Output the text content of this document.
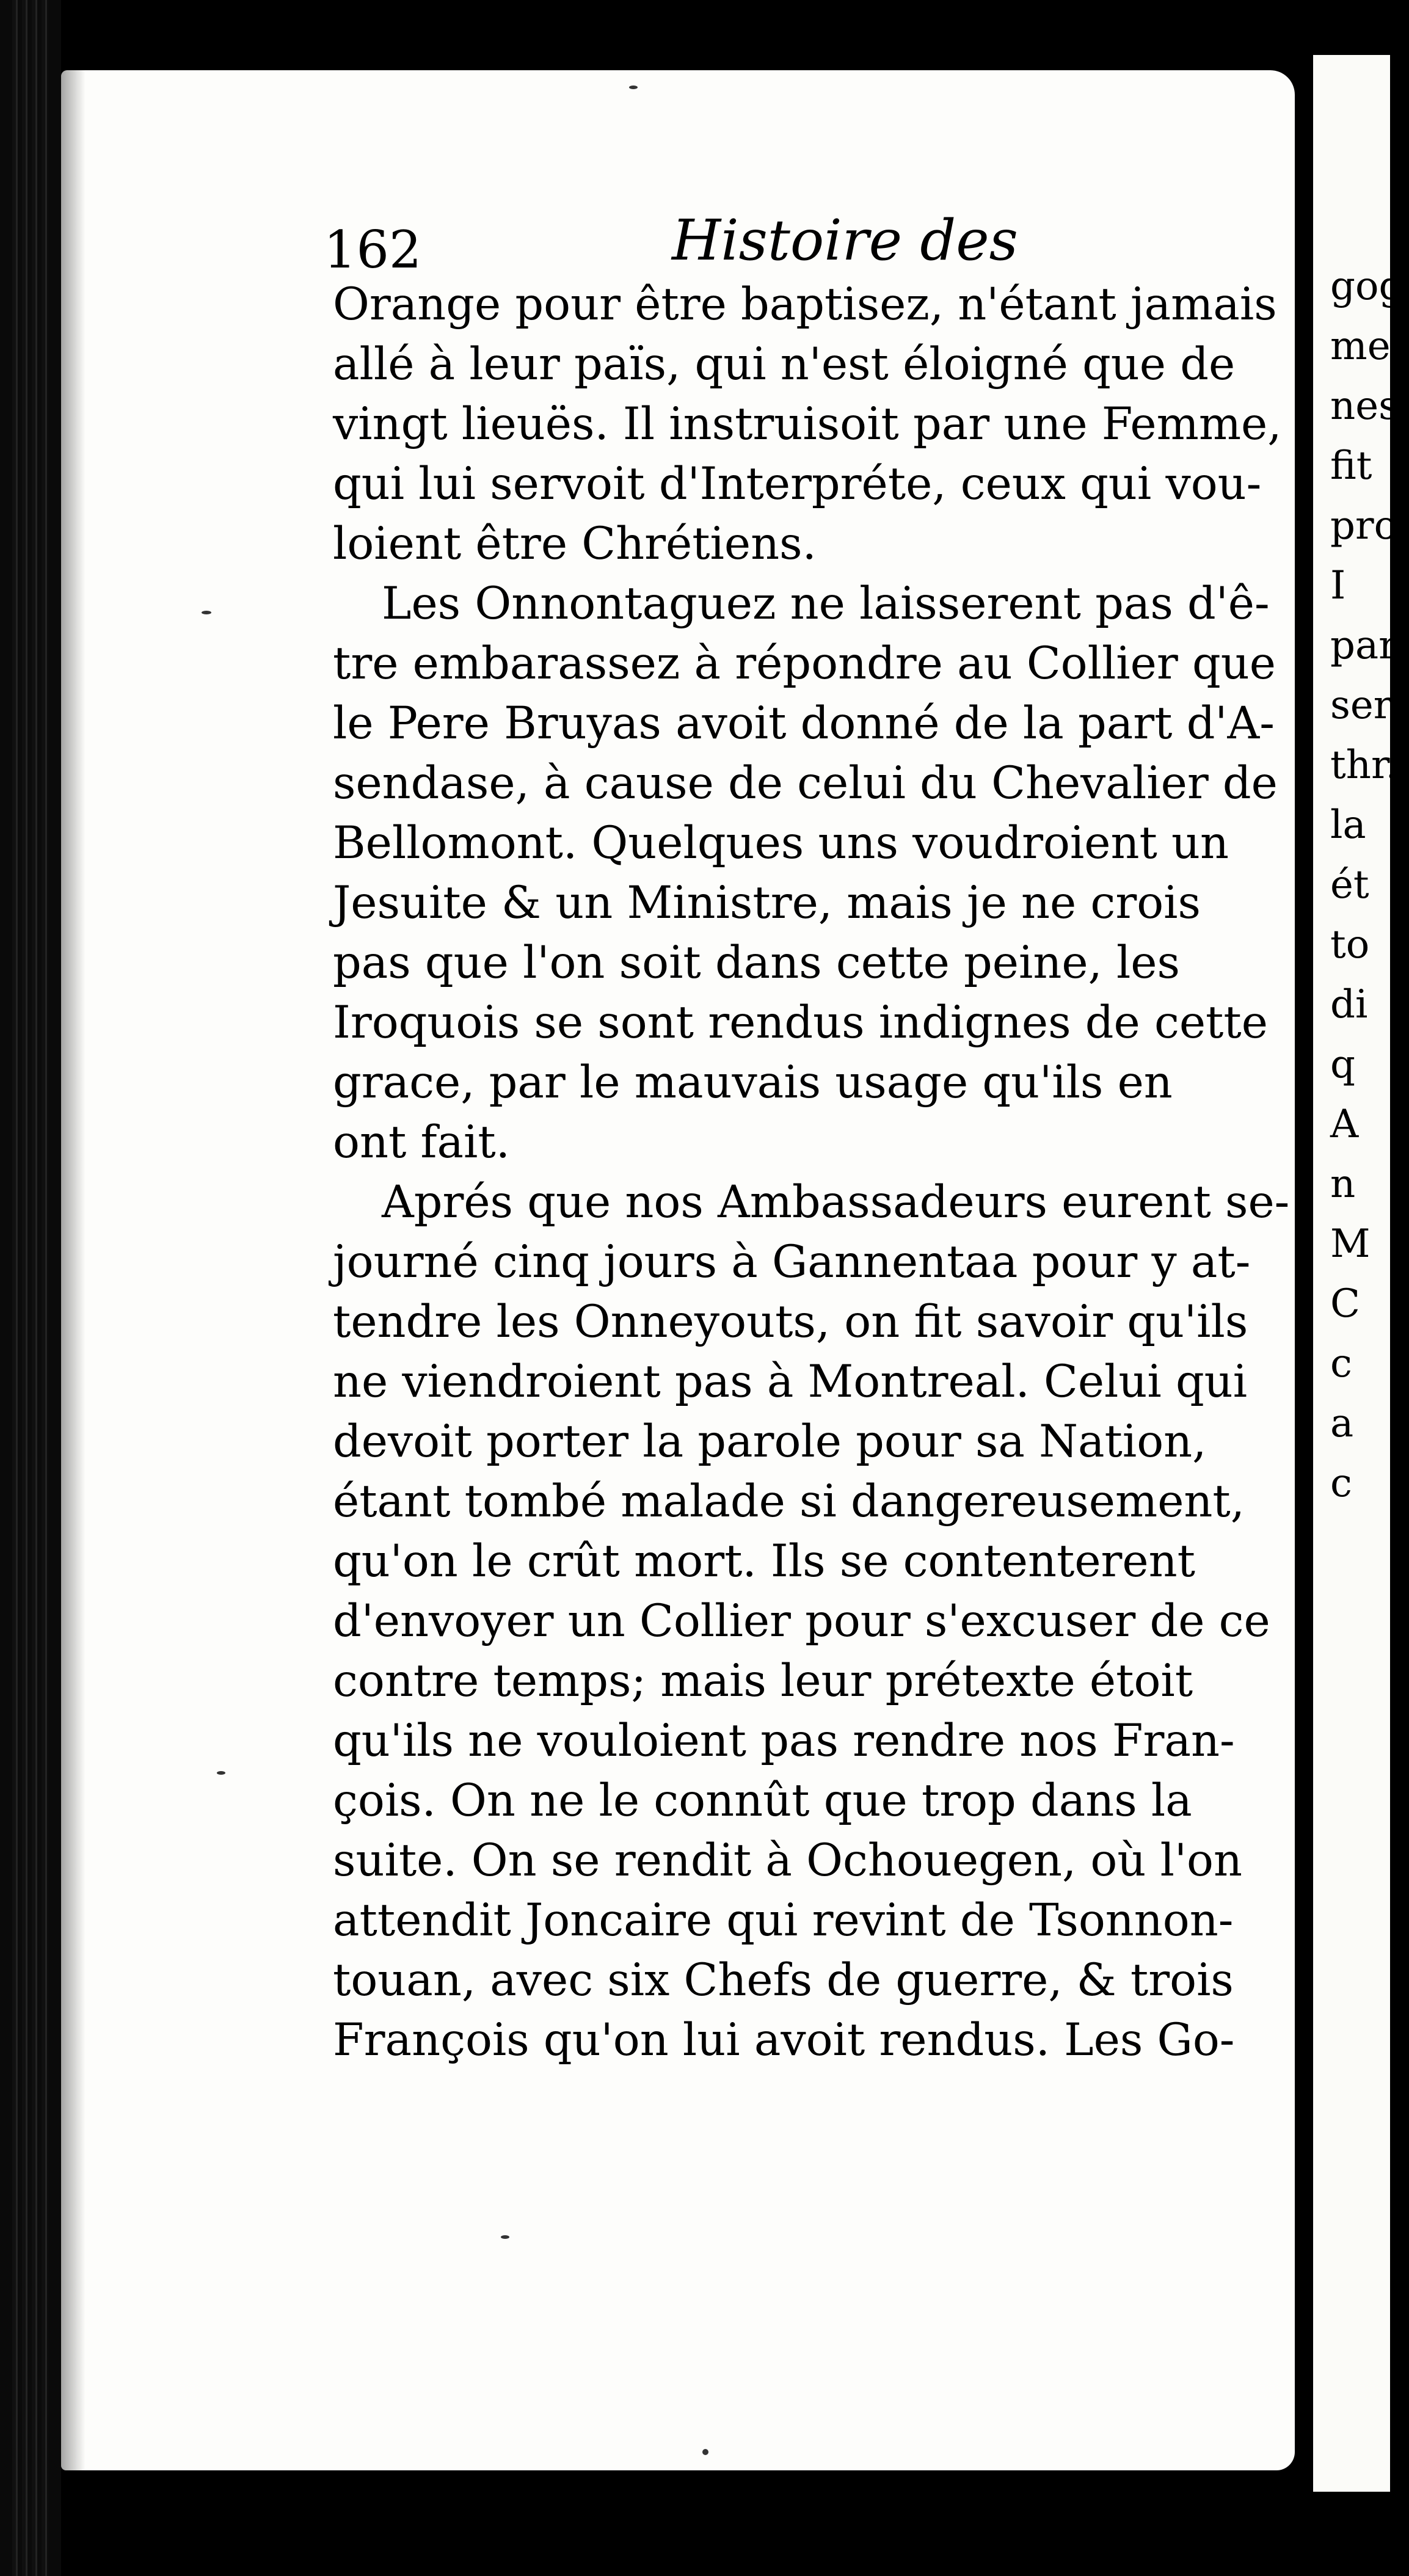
162	Histoire des
Orange pour être baptisez, n'étant jamais
allé à leur païs, qui n'est éloigné que de
vingt lieuës. Il instruisoit par une Femme,
qui lui servoit d'Interpréte, ceux qui vou-
loient être Chrétiens.
Les Onnontaguez ne laisserent pas d'ê-
tre embarassez à répondre au Collier que
le Pere Bruyas avoit donné de la part d'A-
sendase, à cause de celui du Chevalier de
Bellomont. Quelques uns voudroient un
Jesuite & un Ministre, mais je ne crois
pas que l'on soit dans cette peine, les
Iroquois se sont rendus indignes de cette
grace, par le mauvais usage qu'ils en
ont fait.
Aprés que nos Ambassadeurs eurent se-
journé cinq jours à Gannentaa pour y at-
tendre les Onneyouts, on fit savoir qu'ils
ne viendroient pas à Montreal. Celui qui
devoit porter la parole pour sa Nation,
étant tombé malade si dangereusement,
qu'on le crût mort. Ils se contenterent
d'envoyer un Collier pour s'excuser de ce
contre temps; mais leur prétexte étoit
qu'ils ne vouloient pas rendre nos Fran-
çois. On ne le connût que trop dans la
suite. On se rendit à Ochouegen, où l'on
attendit Joncaire qui revint de Tsonnon-
touan, avec six Chefs de guerre, & trois
François qu'on lui avoit rendus. Les Go-
gog
mer
nes
fit
pro
I
par
ser
thr.
la
ét
to
di
q
A
n
M
C
c
a
c
